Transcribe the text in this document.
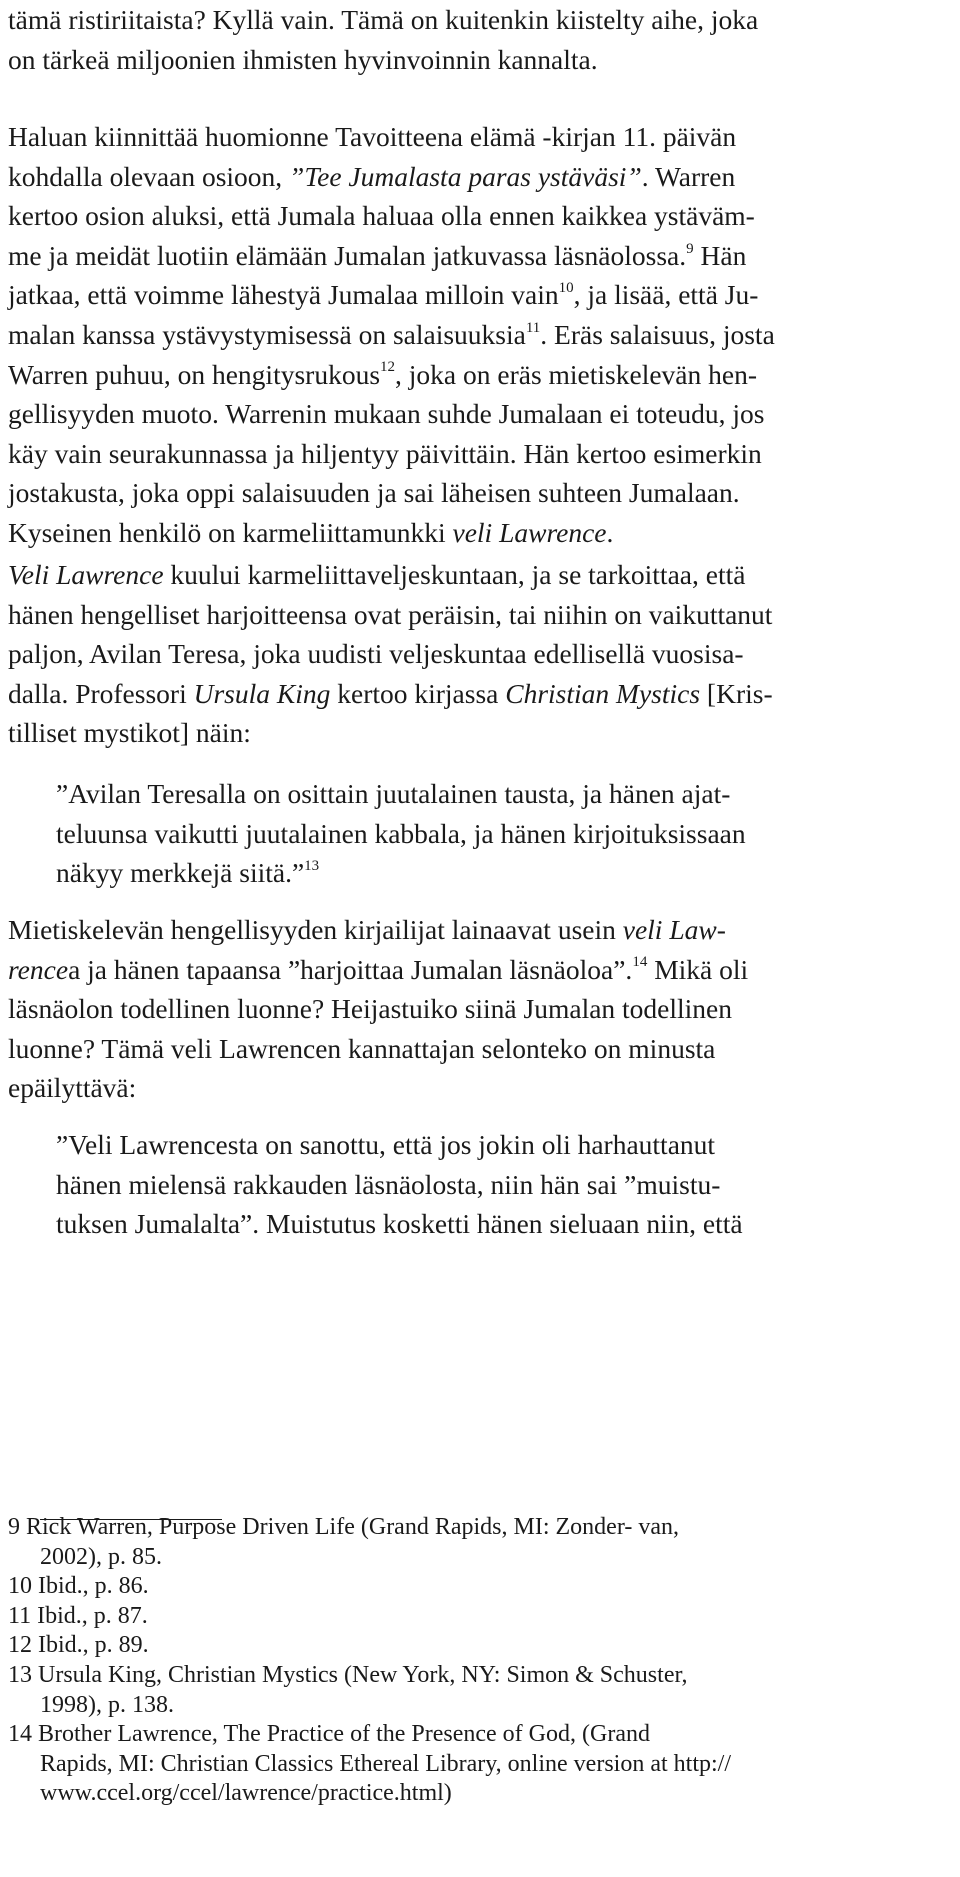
tämä ristiriitaista? Kyllä vain. Tämä on kuitenkin kiistelty aihe, joka
on tärkeä miljoonien ihmisten hyvinvoinnin kannalta.
Haluan kiinnittää huomionne Tavoitteena elämä -kirjan 11. päivän
kohdalla olevaan osioon, ”Tee Jumalasta paras ystäväsi”. Warren
kertoo osion aluksi, että Jumala haluaa olla ennen kaikkea ystäväm-
me ja meidät luotiin elämään Jumalan jatkuvassa läsnäolossa.$^9$ Hän
jatkaa, että voimme lähestyä Jumalaa milloin vain$^{10}$, ja lisää, että Ju-
malan kanssa ystävystymisessä on salaisuuksia$^{11}$. Eräs salaisuus, josta
Warren puhuu, on hengitysrukous$^{12}$, joka on eräs mietiskelevän hen-
gellisyyden muoto. Warrenin mukaan suhde Jumalaan ei toteudu, jos
käy vain seurakunnassa ja hiljentyy päivittäin. Hän kertoo esimerkin
jostakusta, joka oppi salaisuuden ja sai läheisen suhteen Jumalaan.
Kyseinen henkilö on karmeliittamunkki veli Lawrence.
Veli Lawrence kuului karmeliittaveljeskuntaan, ja se tarkoittaa, että
hänen hengelliset harjoitteensa ovat peräisin, tai niihin on vaikuttanut
paljon, Avilan Teresa, joka uudisti veljeskuntaa edellisellä vuosisa-
dalla. Professori Ursula King kertoo kirjassa Christian Mystics [Kris-
tilliset mystikot] näin:
”Avilan Teresalla on osittain juutalainen tausta, ja hänen ajat-
teluunsa vaikutti juutalainen kabbala, ja hänen kirjoituksissaan
näkyy merkkejä siitä.”$^{13}$
Mietiskelevän hengellisyyden kirjailijat lainaavat usein veli Law-
rencea ja hänen tapaansa ”harjoittaa Jumalan läsnäoloa”.$^{14}$ Mikä oli
läsnäolon todellinen luonne? Heijastuiko siinä Jumalan todellinen
luonne? Tämä veli Lawrencen kannattajan selonteko on minusta
epäilyttävä:
”Veli Lawrencesta on sanottu, että jos jokin oli harhauttanut
hänen mielensä rakkauden läsnäolosta, niin hän sai ”muistu-
tuksen Jumalalta”. Muistutus kosketti hänen sieluaan niin, että
9 Rick Warren, Purpose Driven Life (Grand Rapids, MI: Zonder- van,
2002), p. 85.
10 Ibid., p. 86.
11 Ibid., p. 87.
12 Ibid., p. 89.
13 Ursula King, Christian Mystics (New York, NY: Simon & Schuster,
1998), p. 138.
14 Brother Lawrence, The Practice of the Presence of God, (Grand
Rapids, MI: Christian Classics Ethereal Library, online version at http://
www.ccel.org/ccel/lawrence/practice.html)
